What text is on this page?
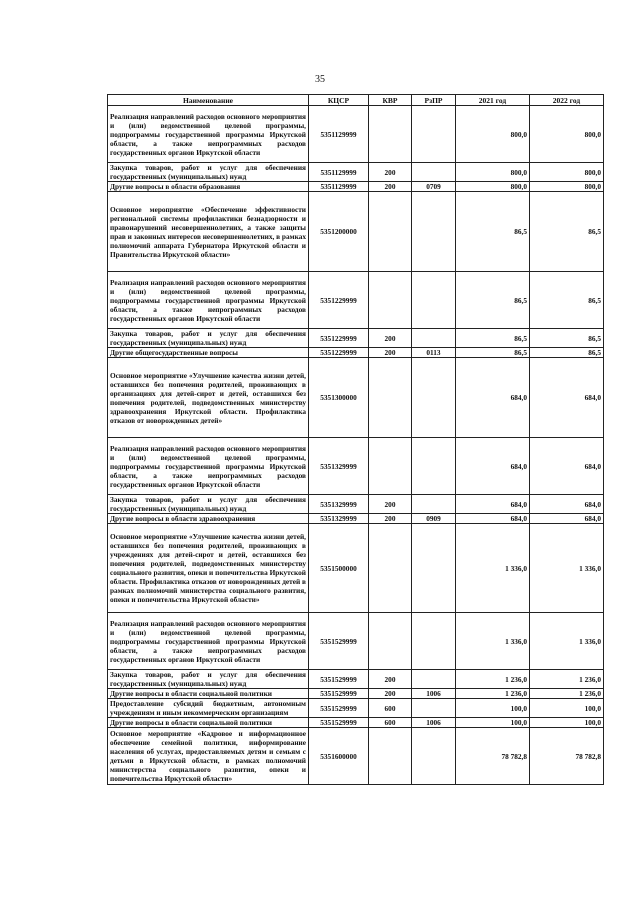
35
Наименование	КЦСР	КВР	РзПР	2021 год	2022 год
Реализация направлений расходов основного мероприятия и (или) ведомственной целевой программы, подпрограммы государственной программы Иркутской области, а также непрограммных расходов государственных органов Иркутской области	5351129999			800,0	800,0
Закупка товаров, работ и услуг для обеспечения государственных (муниципальных) нужд	5351129999	200		800,0	800,0
Другие вопросы в области образования	5351129999	200	0709	800,0	800,0
Основное мероприятие «Обеспечение эффективности региональной системы профилактики безнадзорности и правонарушений несовершеннолетних, а также защиты прав и законных интересов несовершеннолетних, в рамках полномочий аппарата Губернатора Иркутской области и Правительства Иркутской области»	5351200000			86,5	86,5
Реализация направлений расходов основного мероприятия и (или) ведомственной целевой программы, подпрограммы государственной программы Иркутской области, а также непрограммных расходов государственных органов Иркутской области	5351229999			86,5	86,5
Закупка товаров, работ и услуг для обеспечения государственных (муниципальных) нужд	5351229999	200		86,5	86,5
Другие общегосударственные вопросы	5351229999	200	0113	86,5	86,5
Основное мероприятие «Улучшение качества жизни детей, оставшихся без попечения родителей, проживающих в организациях для детей-сирот и детей, оставшихся без попечения родителей, подведомственных министерству здравоохранения Иркутской области. Профилактика отказов от новорожденных детей»	5351300000			684,0	684,0
Реализация направлений расходов основного мероприятия и (или) ведомственной целевой программы, подпрограммы государственной программы Иркутской области, а также непрограммных расходов государственных органов Иркутской области	5351329999			684,0	684,0
Закупка товаров, работ и услуг для обеспечения государственных (муниципальных) нужд	5351329999	200		684,0	684,0
Другие вопросы в области здравоохранения	5351329999	200	0909	684,0	684,0
Основное мероприятие «Улучшение качества жизни детей, оставшихся без попечения родителей, проживающих в учреждениях для детей-сирот и детей, оставшихся без попечения родителей, подведомственных министерству социального развития, опеки и попечительства Иркутской области. Профилактика отказов от новорожденных детей в рамках полномочий министерства социального развития, опеки и попечительства Иркутской области»	5351500000			1 336,0	1 336,0
Реализация направлений расходов основного мероприятия и (или) ведомственной целевой программы, подпрограммы государственной программы Иркутской области, а также непрограммных расходов государственных органов Иркутской области	5351529999			1 336,0	1 336,0
Закупка товаров, работ и услуг для обеспечения государственных (муниципальных) нужд	5351529999	200		1 236,0	1 236,0
Другие вопросы в области социальной политики	5351529999	200	1006	1 236,0	1 236,0
Предоставление субсидий бюджетным, автономным учреждениям и иным некоммерческим организациям	5351529999	600		100,0	100,0
Другие вопросы в области социальной политики	5351529999	600	1006	100,0	100,0
Основное мероприятие «Кадровое и информационное обеспечение семейной политики, информирование населения об услугах, предоставляемых детям и семьям с детьми в Иркутской области, в рамках полномочий министерства социального развития, опеки и попечительства Иркутской области»	5351600000			78 782,8	78 782,8
